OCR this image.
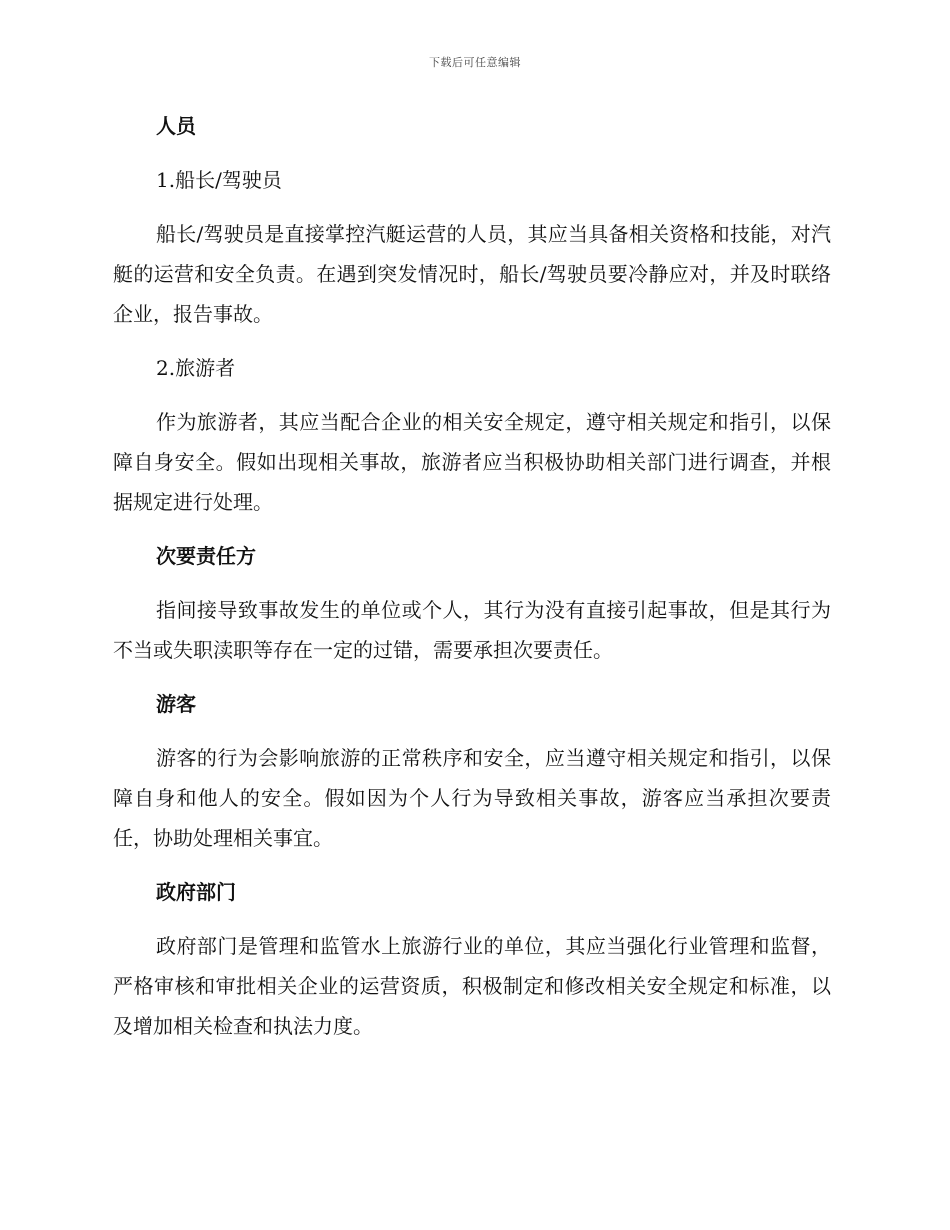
下载后可任意编辑
人员
1.船长/驾驶员

船长/驾驶员是直接掌控汽艇运营的人员，其应当具备相关资格和技能，对汽艇的运营和安全负责。在遇到突发情况时，船长/驾驶员要冷静应对，并及时联络企业，报告事故。

2.旅游者

作为旅游者，其应当配合企业的相关安全规定，遵守相关规定和指引，以保障自身安全。假如出现相关事故，旅游者应当积极协助相关部门进行调查，并根据规定进行处理。

次要责任方

指间接导致事故发生的单位或个人，其行为没有直接引起事故，但是其行为不当或失职渎职等存在一定的过错，需要承担次要责任。

游客

游客的行为会影响旅游的正常秩序和安全，应当遵守相关规定和指引，以保障自身和他人的安全。假如因为个人行为导致相关事故，游客应当承担次要责任，协助处理相关事宜。

政府部门

政府部门是管理和监管水上旅游行业的单位，其应当强化行业管理和监督，严格审核和审批相关企业的运营资质，积极制定和修改相关安全规定和标准，以及增加相关检查和执法力度。
